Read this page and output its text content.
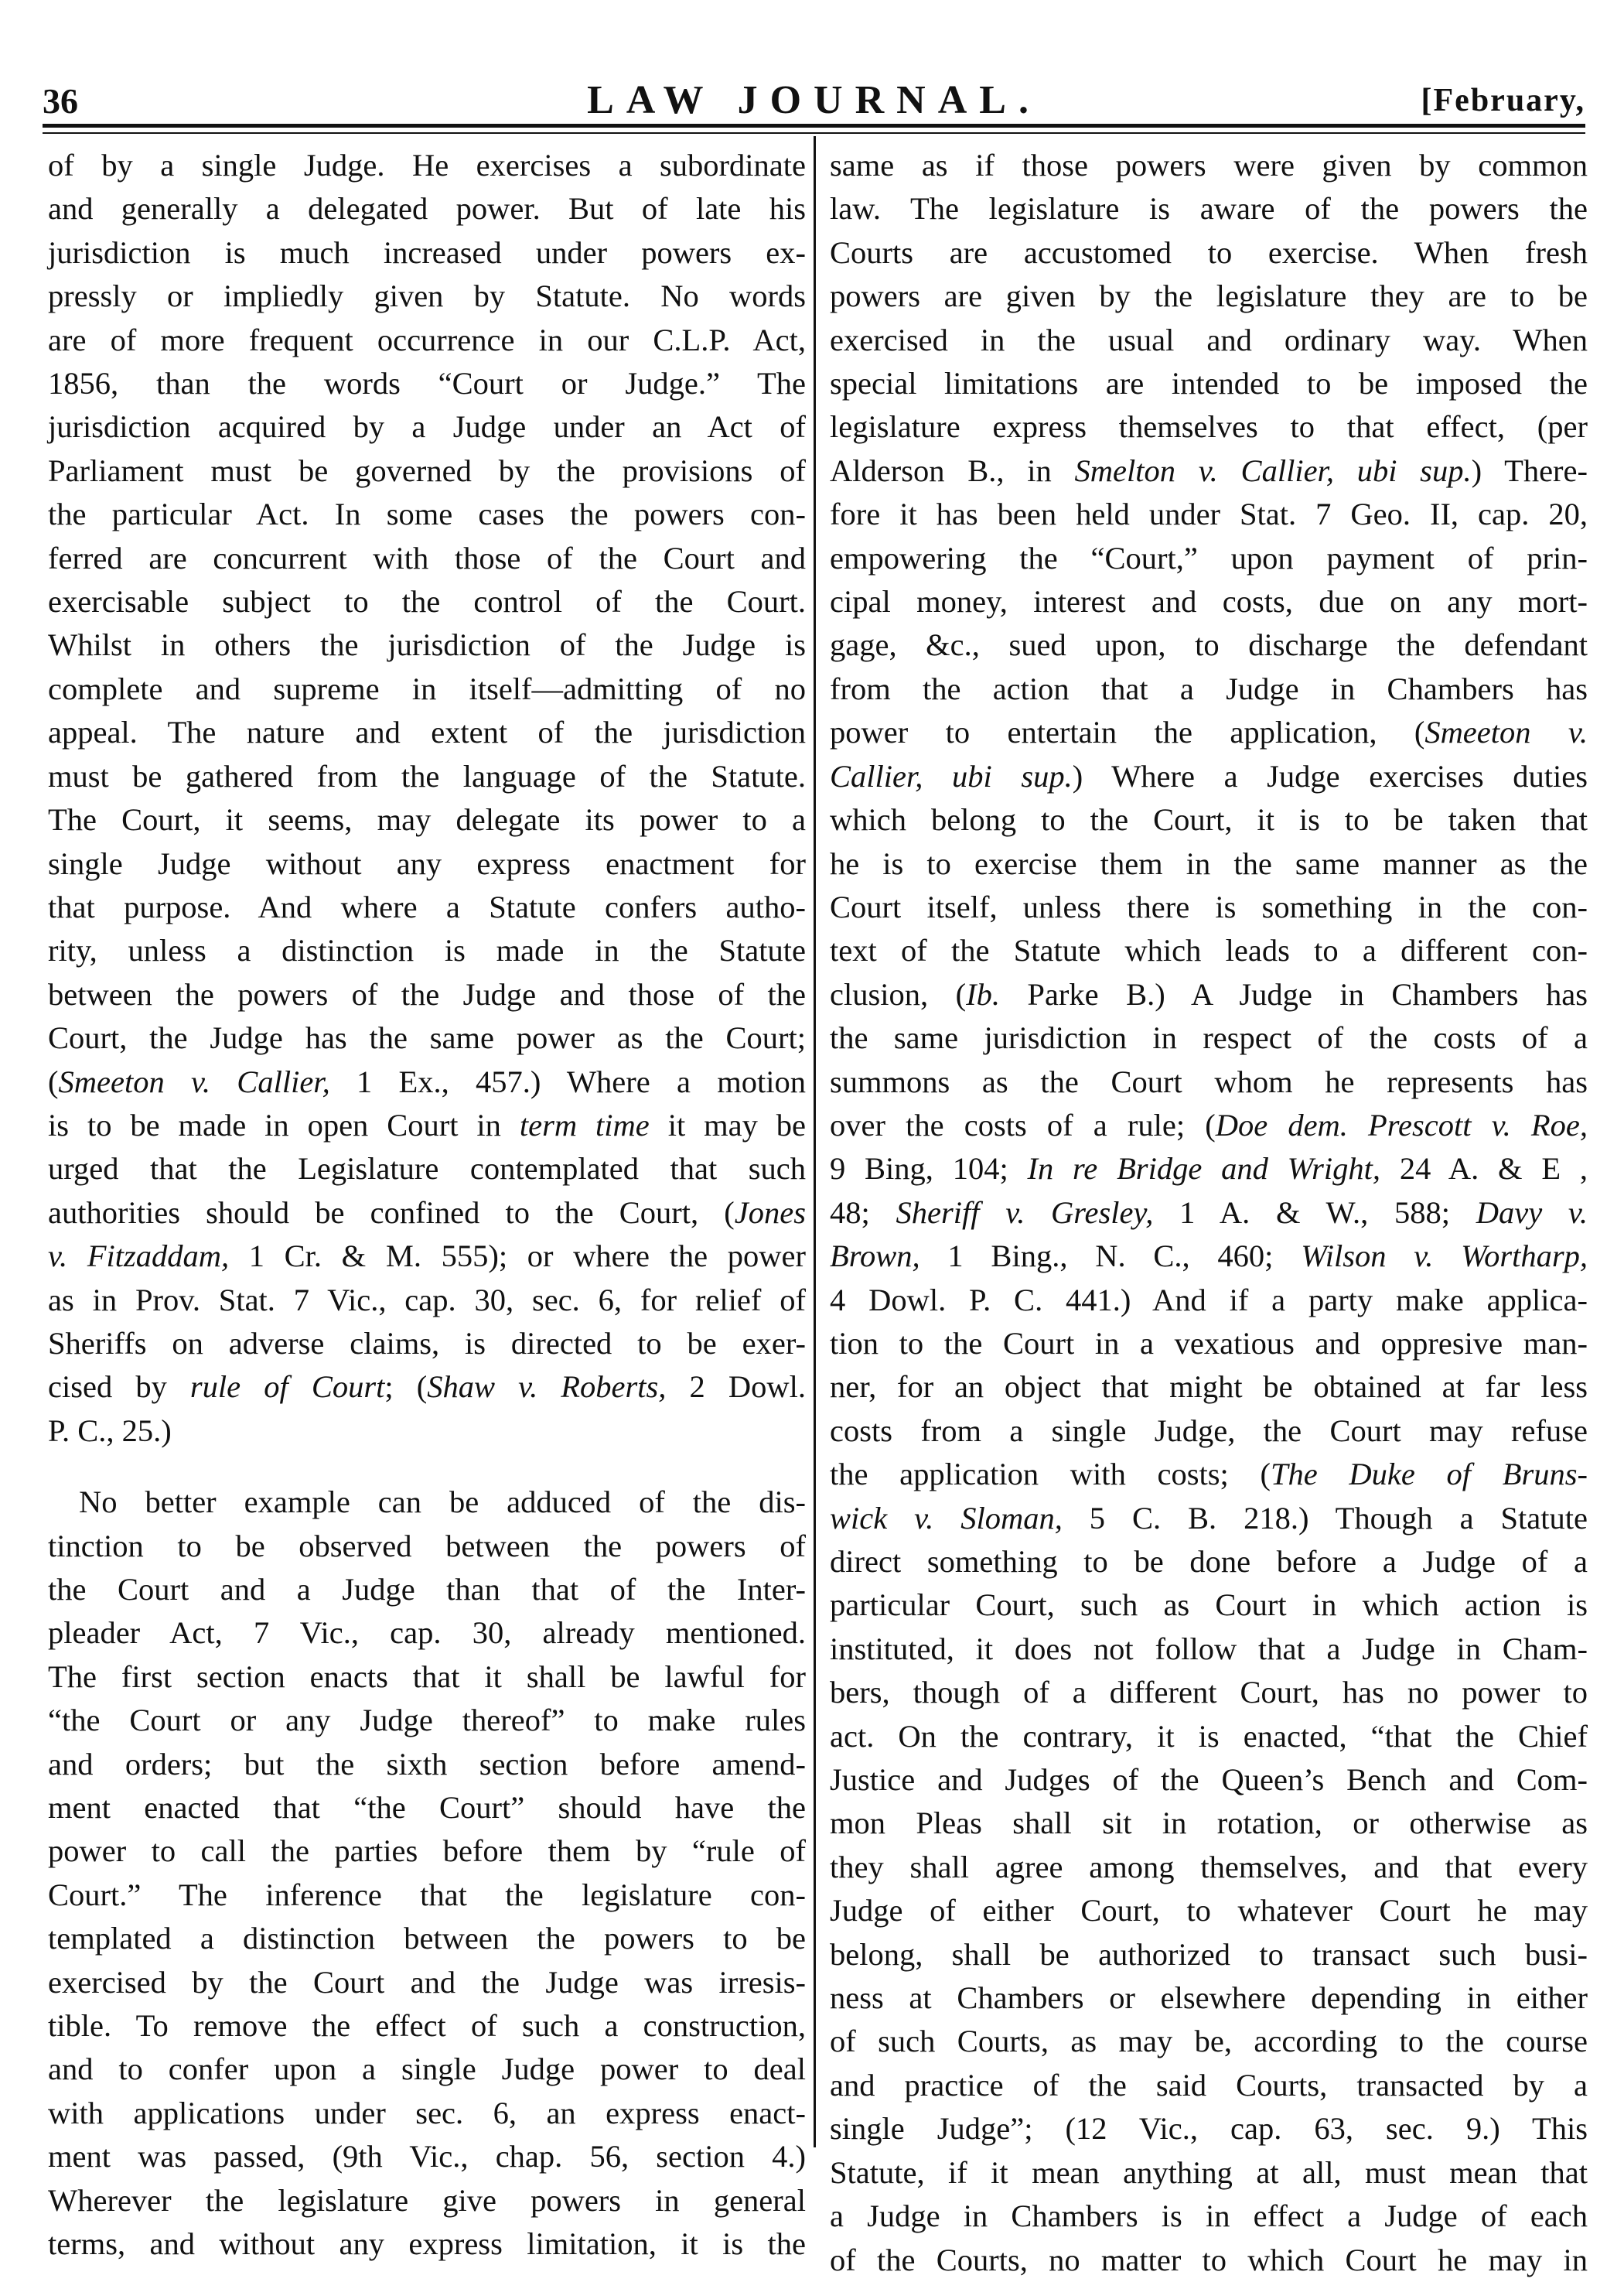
36	LAW JOURNAL.	[February,

of by a single Judge. He exercises a subordinate
and generally a delegated power. But of late his
jurisdiction is much increased under powers ex-
pressly or impliedly given by Statute. No words
are of more frequent occurrence in our C.L.P. Act,
1856, than the words “Court or Judge.” The
jurisdiction acquired by a Judge under an Act of
Parliament must be governed by the provisions of
the particular Act. In some cases the powers con-
ferred are concurrent with those of the Court and
exercisable subject to the control of the Court.
Whilst in others the jurisdiction of the Judge is
complete and supreme in itself—admitting of no
appeal. The nature and extent of the jurisdiction
must be gathered from the language of the Statute.
The Court, it seems, may delegate its power to a
single Judge without any express enactment for
that purpose. And where a Statute confers autho-
rity, unless a distinction is made in the Statute
between the powers of the Judge and those of the
Court, the Judge has the same power as the Court;
(Smeeton v. Callier, 1 Ex., 457.) Where a motion
is to be made in open Court in term time it may be
urged that the Legislature contemplated that such
authorities should be confined to the Court, (Jones
v. Fitzaddam, 1 Cr. & M. 555); or where the power
as in Prov. Stat. 7 Vic., cap. 30, sec. 6, for relief of
Sheriffs on adverse claims, is directed to be exer-
cised by rule of Court; (Shaw v. Roberts, 2 Dowl.
P. C., 25.)

No better example can be adduced of the dis-
tinction to be observed between the powers of
the Court and a Judge than that of the Inter-
pleader Act, 7 Vic., cap. 30, already mentioned.
The first section enacts that it shall be lawful for
“the Court or any Judge thereof” to make rules
and orders; but the sixth section before amend-
ment enacted that “the Court” should have the
power to call the parties before them by “rule of
Court.” The inference that the legislature con-
templated a distinction between the powers to be
exercised by the Court and the Judge was irresis-
tible. To remove the effect of such a construction,
and to confer upon a single Judge power to deal
with applications under sec. 6, an express enact-
ment was passed, (9th Vic., chap. 56, section 4.)
Wherever the legislature give powers in general
terms, and without any express limitation, it is the

same as if those powers were given by common
law. The legislature is aware of the powers the
Courts are accustomed to exercise. When fresh
powers are given by the legislature they are to be
exercised in the usual and ordinary way. When
special limitations are intended to be imposed the
legislature express themselves to that effect, (per
Alderson B., in Smelton v. Callier, ubi sup.) There-
fore it has been held under Stat. 7 Geo. II, cap. 20,
empowering the “Court,” upon payment of prin-
cipal money, interest and costs, due on any mort-
gage, &c., sued upon, to discharge the defendant
from the action that a Judge in Chambers has
power to entertain the application, (Smeeton v.
Callier, ubi sup.) Where a Judge exercises duties
which belong to the Court, it is to be taken that
he is to exercise them in the same manner as the
Court itself, unless there is something in the con-
text of the Statute which leads to a different con-
clusion, (Ib. Parke B.) A Judge in Chambers has
the same jurisdiction in respect of the costs of a
summons as the Court whom he represents has
over the costs of a rule; (Doe dem. Prescott v. Roe,
9 Bing, 104; In re Bridge and Wright, 24 A. & E ,
48; Sheriff v. Gresley, 1 A. & W., 588; Davy v.
Brown, 1 Bing., N. C., 460; Wilson v. Wortharp,
4 Dowl. P. C. 441.) And if a party make applica-
tion to the Court in a vexatious and oppresive man-
ner, for an object that might be obtained at far less
costs from a single Judge, the Court may refuse
the application with costs; (The Duke of Bruns-
wick v. Sloman, 5 C. B. 218.) Though a Statute
direct something to be done before a Judge of a
particular Court, such as Court in which action is
instituted, it does not follow that a Judge in Cham-
bers, though of a different Court, has no power to
act. On the contrary, it is enacted, “that the Chief
Justice and Judges of the Queen’s Bench and Com-
mon Pleas shall sit in rotation, or otherwise as
they shall agree among themselves, and that every
Judge of either Court, to whatever Court he may
belong, shall be authorized to transact such busi-
ness at Chambers or elsewhere depending in either
of such Courts, as may be, according to the course
and practice of the said Courts, transacted by a
single Judge”; (12 Vic., cap. 63, sec. 9.) This
Statute, if it mean anything at all, must mean that
a Judge in Chambers is in effect a Judge of each
of the Courts, no matter to which Court he may in
